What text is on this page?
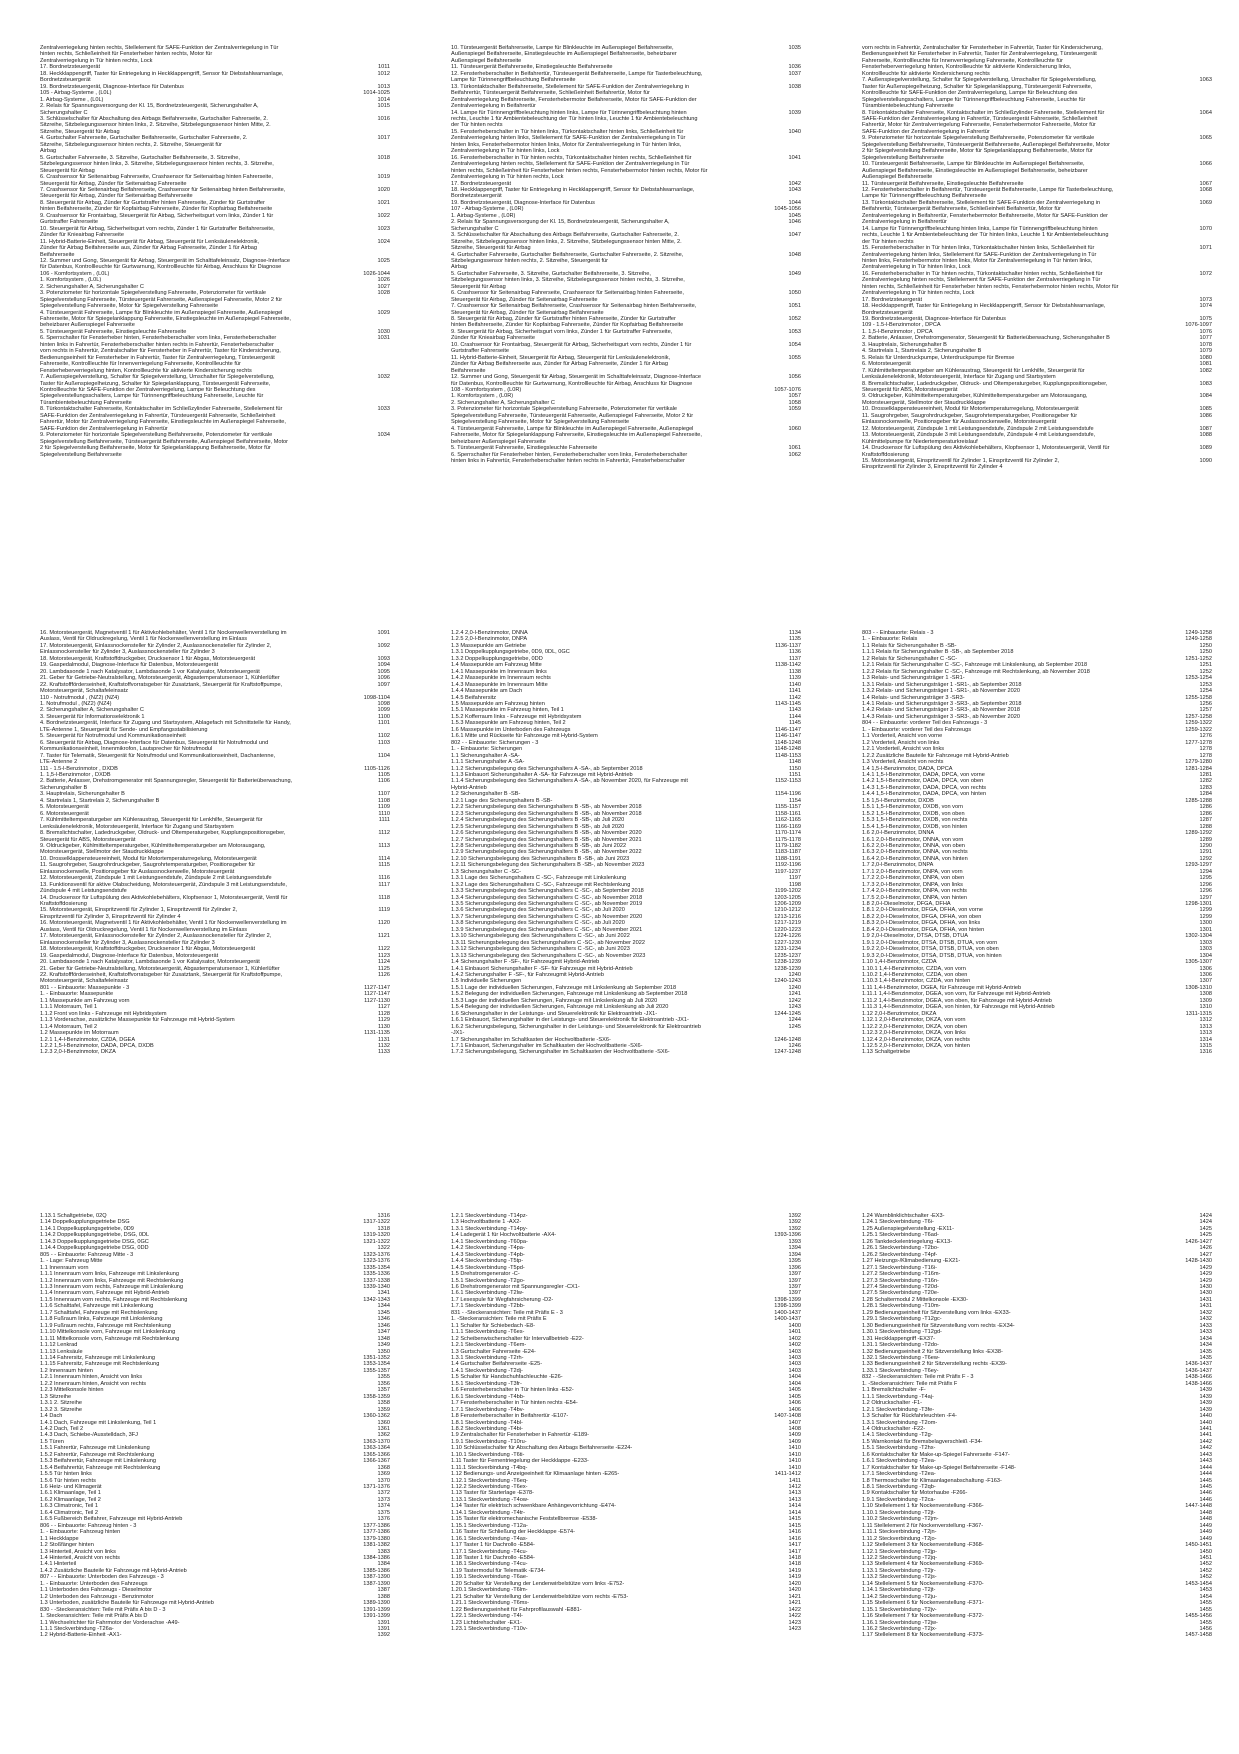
Zentralverriegelung hinten rechts, Stellelement für SAFE-Funktion der Zentralverriegelung in Tür
hinten rechts, Schließeinheit für Fensterheber hinten rechts, Motor für
Zentralverriegelung in Tür hinten rechts, Lock
17. Bordnetzsteuergerät	1011
18. Heckklappengriff, Taster für Entriegelung in Heckklappengriff, Sensor für Diebstahlwarnanlage,	1012
Bordnetzsteuergerät
19. Bordnetzsteuergerät, Diagnose-Interface für Datenbus	1013
105 - Airbag-Systeme , (L0L)	1014-1025
1. Airbag-Systeme , (L0L)	1014
2. Relais für Spannungsversorgung der Kl. 15, Bordnetzsteuergerät, Sicherungshalter A,	1015
Sicherungshalter C
3. Schlüsselschalter für Abschaltung des Airbags Beifahrerseite, Gurtschalter Fahrerseite, 2.	1016
Sitzreihe, Sitzbelegungssensor hinten links, 2. Sitzreihe, Sitzbelegungssensor hinten Mitte, 2.
Sitzreihe, Steuergerät für Airbag
4. Gurtschalter Fahrerseite, Gurtschalter Beifahrerseite, Gurtschalter Fahrerseite, 2.	1017
Sitzreihe, Sitzbelegungssensor hinten rechts, 2. Sitzreihe, Steuergerät für
Airbag
5. Gurtschalter Fahrerseite, 3. Sitzreihe, Gurtschalter Beifahrerseite, 3. Sitzreihe,	1018
Sitzbelegungssensor hinten links, 3. Sitzreihe, Sitzbelegungssensor hinten rechts, 3. Sitzreihe,
Steuergerät für Airbag
6. Crashsensor für Seitenairbag Fahrerseite, Crashsensor für Seitenairbag hinten Fahrerseite,	1019
Steuergerät für Airbag, Zünder für Seitenairbag Fahrerseite
7. Crashsensor für Seitenairbag Beifahrerseite, Crashsensor für Seitenairbag hinten Beifahrerseite,	1020
Steuergerät für Airbag, Zünder für Seitenairbag Beifahrerseite
8. Steuergerät für Airbag, Zünder für Gurtstraffer hinten Fahrerseite, Zünder für Gurtstraffer	1021
hinten Beifahrerseite, Zünder für Kopfairbag Fahrerseite, Zünder für Kopfairbag Beifahrerseite
9. Crashsensor für Frontairbag, Steuergerät für Airbag, Sicherheitsgurt vorn links, Zünder 1 für	1022
Gurtstraffer Fahrerseite
10. Steuergerät für Airbag, Sicherheitsgurt vorn rechts, Zünder 1 für Gurtstraffer Beifahrerseite,	1023
Zünder für Knieairbag Fahrerseite
11. Hybrid-Batterie-Einheit, Steuergerät für Airbag, Steuergerät für Lenksäulenelektronik,	1024
Zünder für Airbag Beifahrerseite aus, Zünder für Airbag Fahrerseite, Zünder 1 für Airbag
Beifahrerseite
12. Summer und Gong, Steuergerät für Airbag, Steuergerät im Schalttafeleinsatz, Diagnose-Interface	1025
für Datenbus, Kontrollleuchte für Gurtwarnung, Kontrollleuchte für Airbag, Anschluss für Diagnose
106 - Komfortsystem , (L0L)	1026-1044
1. Komfortsystem , (L0L)	1026
2. Sicherungshalter A, Sicherungshalter C	1027
3. Potenziometer für horizontale Spiegelverstellung Fahrerseite, Potenziometer für vertikale	1028
Spiegelverstellung Fahrerseite, Türsteuergerät Fahrerseite, Außenspiegel Fahrerseite, Motor 2 für
Spiegelverstellung Fahrerseite, Motor für Spiegelverstellung Fahrerseite
4. Türsteuergerät Fahrerseite, Lampe für Blinkleuchte im Außenspiegel Fahrerseite, Außenspiegel	1029
Fahrerseite, Motor für Spiegelanklappung Fahrerseite, Einstiegsleuchte im Außenspiegel Fahrerseite,
beheizbarer Außenspiegel Fahrerseite
5. Türsteuergerät Fahrerseite, Einstiegsleuchte Fahrerseite	1030
6. Sperrschalter für Fensterheber hinten, Fensterheberschalter vorn links, Fensterheberschalter	1031
hinten links in Fahrertür, Fensterheberschalter hinten rechts in Fahrertür, Fensterheberschalter
vorn rechts in Fahrertür, Zentralschalter für Fensterheber in Fahrertür, Taster für Kindersicherung,
Bedienungseinheit für Fensterheber in Fahrertür, Taster für Zentralverriegelung, Türsteuergerät
Fahrerseite, Kontrollleuchte für Innenverriegelung Fahrerseite, Kontrollleuchte für
Fensterheberverriegelung hinten, Kontrollleuchte für aktivierte Kindersicherung rechts
7. Außenspiegelverstellung, Schalter für Spiegelverstellung, Umschalter für Spiegelverstellung,	1032
Taster für Außenspiegelheizung, Schalter für Spiegelanklappung, Türsteuergerät Fahrerseite,
Kontrollleuchte für SAFE-Funktion der Zentralverriegelung, Lampe für Beleuchtung des
Spiegelverstellungsschalters, Lampe für Türinnengriffbeleuchtung Fahrerseite, Leuchte für
Türambientebeleuchtung Fahrerseite
8. Türkontaktschalter Fahrerseite, Kontaktschalter im Schließzylinder Fahrerseite, Stellelement für	1033
SAFE-Funktion der Zentralverriegelung in Fahrertür, Türsteuergerät Fahrerseite, Schließeinheit
Fahrertür, Motor für Zentralverriegelung Fahrerseite, Einstiegsleuchte im Außenspiegel Fahrerseite,
SAFE-Funktion der Zentralverriegelung in Fahrertür
9. Potenziometer für horizontale Spiegelverstellung Beifahrerseite, Potenziometer für vertikale	1034
Spiegelverstellung Beifahrerseite, Türsteuergerät Beifahrerseite, Außenspiegel Beifahrerseite, Motor
2 für Spiegelverstellung Beifahrerseite, Motor für Spiegelanklappung Beifahrerseite, Motor für
Spiegelverstellung Beifahrerseite
10. Türsteuergerät Beifahrerseite, Lampe für Blinkleuchte im Außenspiegel Beifahrerseite,	1035
Außenspiegel Beifahrerseite, Einstiegsleuchte im Außenspiegel Beifahrerseite, beheizbarer
Außenspiegel Beifahrerseite
11. Türsteuergerät Beifahrerseite, Einstiegsleuchte Beifahrerseite	1036
12. Fensterheberschalter in Beifahrertür, Türsteuergerät Beifahrerseite, Lampe für Tasterbeleuchtung,	1037
Lampe für Türinnengriffbeleuchtung Beifahrerseite
13. Türkontaktschalter Beifahrerseite, Stellelement für SAFE-Funktion der Zentralverriegelung in	1038
Beifahrertür, Türsteuergerät Beifahrerseite, Schließeinheit Beifahrertür, Motor für
Zentralverriegelung Beifahrerseite, Fensterhebermotor Beifahrerseite, Motor für SAFE-Funktion der
Zentralverriegelung in Beifahrertür
14. Lampe für Türinnengriffbeleuchtung hinten links, Lampe für Türinnengriffbeleuchtung hinten	1039
rechts, Leuchte 1 für Ambientebeleuchtung der Tür hinten links, Leuchte 1 für Ambientebeleuchtung
der Tür hinten rechts
15. Fensterheberschalter in Tür hinten links, Türkontaktschalter hinten links, Schließeinheit für	1040
Zentralverriegelung hinten links, Stellelement für SAFE-Funktion der Zentralverriegelung in Tür
hinten links, Fensterhebermotor hinten links, Motor für Zentralverriegelung in Tür hinten links,
Zentralverriegelung in Tür hinten links, Lock
16. Fensterheberschalter in Tür hinten rechts, Türkontaktschalter hinten rechts, Schließeinheit für	1041
Zentralverriegelung hinten rechts, Stellelement für SAFE-Funktion der Zentralverriegelung in Tür
hinten rechts, Schließeinheit für Fensterheber hinten rechts, Fensterhebermotor hinten rechts, Motor für
Zentralverriegelung in Tür hinten rechts, Lock
17. Bordnetzsteuergerät	1042
18. Heckklappengriff, Taster für Entriegelung in Heckklappengriff, Sensor für Diebstahlwarnanlage,	1043
Bordnetzsteuergerät
19. Bordnetzsteuergerät, Diagnose-Interface für Datenbus	1044
107 - Airbag-Systeme , (L0R)	1045-1056
1. Airbag-Systeme , (L0R)	1045
2. Relais für Spannungsversorgung der Kl. 15, Bordnetzsteuergerät, Sicherungshalter A,	1046
Sicherungshalter C
3. Schlüsselschalter für Abschaltung des Airbags Beifahrerseite, Gurtschalter Fahrerseite, 2.	1047
Sitzreihe, Sitzbelegungssensor hinten links, 2. Sitzreihe, Sitzbelegungssensor hinten Mitte, 2.
Sitzreihe, Steuergerät für Airbag
4. Gurtschalter Fahrerseite, Gurtschalter Beifahrerseite, Gurtschalter Fahrerseite, 2. Sitzreihe,	1048
Sitzbelegungssensor hinten rechts, 2. Sitzreihe, Steuergerät für
Airbag
5. Gurtschalter Fahrerseite, 3. Sitzreihe, Gurtschalter Beifahrerseite, 3. Sitzreihe,	1049
Sitzbelegungssensor hinten links, 3. Sitzreihe, Sitzbelegungssensor hinten rechts, 3. Sitzreihe,
Steuergerät für Airbag
6. Crashsensor für Seitenairbag Fahrerseite, Crashsensor für Seitenairbag hinten Fahrerseite,	1050
Steuergerät für Airbag, Zünder für Seitenairbag Fahrerseite
7. Crashsensor für Seitenairbag Beifahrerseite, Crashsensor für Seitenairbag hinten Beifahrerseite,	1051
Steuergerät für Airbag, Zünder für Seitenairbag Beifahrerseite
8. Steuergerät für Airbag, Zünder für Gurtstraffer hinten Fahrerseite, Zünder für Gurtstraffer	1052
hinten Beifahrerseite, Zünder für Kopfairbag Fahrerseite, Zünder für Kopfairbag Beifahrerseite
9. Steuergerät für Airbag, Sicherheitsgurt vorn links, Zünder 1 für Gurtstraffer Fahrerseite,	1053
Zünder für Knieairbag Fahrerseite
10. Crashsensor für Frontairbag, Steuergerät für Airbag, Sicherheitsgurt vorn rechts, Zünder 1 für	1054
Gurtstraffer Fahrerseite
11. Hybrid-Batterie-Einheit, Steuergerät für Airbag, Steuergerät für Lenksäulenelektronik,	1055
Zünder für Airbag Beifahrerseite aus, Zünder für Airbag Fahrerseite, Zünder 1 für Airbag
Beifahrerseite
12. Summer und Gong, Steuergerät für Airbag, Steuergerät im Schalttafeleinsatz, Diagnose-Interface	1056
für Datenbus, Kontrollleuchte für Gurtwarnung, Kontrollleuchte für Airbag, Anschluss für Diagnose
108 - Komfortsystem , (L0R)	1057-1076
1. Komfortsystem , (L0R)	1057
2. Sicherungshalter A, Sicherungshalter C	1058
3. Potenziometer für horizontale Spiegelverstellung Fahrerseite, Potenziometer für vertikale	1059
Spiegelverstellung Fahrerseite, Türsteuergerät Fahrerseite, Außenspiegel Fahrerseite, Motor 2 für
Spiegelverstellung Fahrerseite, Motor für Spiegelverstellung Fahrerseite
4. Türsteuergerät Fahrerseite, Lampe für Blinkleuchte im Außenspiegel Fahrerseite, Außenspiegel	1060
Fahrerseite, Motor für Spiegelanklappung Fahrerseite, Einstiegsleuchte im Außenspiegel Fahrerseite,
beheizbarer Außenspiegel Fahrerseite
5. Türsteuergerät Fahrerseite, Einstiegsleuchte Fahrerseite	1061
6. Sperrschalter für Fensterheber hinten, Fensterheberschalter vorn links, Fensterheberschalter	1062
hinten links in Fahrertür, Fensterheberschalter hinten rechts in Fahrertür, Fensterheberschalter
vorn rechts in Fahrertür, Zentralschalter für Fensterheber in Fahrertür, Taster für Kindersicherung,
Bedienungseinheit für Fensterheber in Fahrertür, Taster für Zentralverriegelung, Türsteuergerät
Fahrerseite, Kontrollleuchte für Innenverriegelung Fahrerseite, Kontrollleuchte für
Fensterheberverriegelung hinten, Kontrollleuchte für aktivierte Kindersicherung links,
Kontrollleuchte für aktivierte Kindersicherung rechts
7. Außenspiegelverstellung, Schalter für Spiegelverstellung, Umschalter für Spiegelverstellung,	1063
Taster für Außenspiegelheizung, Schalter für Spiegelanklappung, Türsteuergerät Fahrerseite,
Kontrollleuchte für SAFE-Funktion der Zentralverriegelung, Lampe für Beleuchtung des
Spiegelverstellungsschalters, Lampe für Türinnengriffbeleuchtung Fahrerseite, Leuchte für
Türambientebeleuchtung Fahrerseite
8. Türkontaktschalter Fahrerseite, Kontaktschalter im Schließzylinder Fahrerseite, Stellelement für	1064
SAFE-Funktion der Zentralverriegelung in Fahrertür, Türsteuergerät Fahrerseite, Schließeinheit
Fahrertür, Motor für Zentralverriegelung Fahrerseite, Fensterhebermotor Fahrerseite, Motor für
SAFE-Funktion der Zentralverriegelung in Fahrertür
9. Potenziometer für horizontale Spiegelverstellung Beifahrerseite, Potenziometer für vertikale	1065
Spiegelverstellung Beifahrerseite, Türsteuergerät Beifahrerseite, Außenspiegel Beifahrerseite, Motor
2 für Spiegelverstellung Beifahrerseite, Motor für Spiegelanklappung Beifahrerseite, Motor für
Spiegelverstellung Beifahrerseite
10. Türsteuergerät Beifahrerseite, Lampe für Blinkleuchte im Außenspiegel Beifahrerseite,	1066
Außenspiegel Beifahrerseite, Einstiegsleuchte im Außenspiegel Beifahrerseite, beheizbarer
Außenspiegel Beifahrerseite
11. Türsteuergerät Beifahrerseite, Einstiegsleuchte Beifahrerseite	1067
12. Fensterheberschalter in Beifahrertür, Türsteuergerät Beifahrerseite, Lampe für Tasterbeleuchtung,	1068
Lampe für Türinnengriffbeleuchtung Beifahrerseite
13. Türkontaktschalter Beifahrerseite, Stellelement für SAFE-Funktion der Zentralverriegelung in	1069
Beifahrertür, Türsteuergerät Beifahrerseite, Schließeinheit Beifahrertür, Motor für
Zentralverriegelung in Beifahrertür, Fensterhebermotor Beifahrerseite, Motor für SAFE-Funktion der
Zentralverriegelung in Beifahrertür
14. Lampe für Türinnengriffbeleuchtung hinten links, Lampe für Türinnengriffbeleuchtung hinten	1070
rechts, Leuchte 1 für Ambientebeleuchtung der Tür hinten links, Leuchte 1 für Ambientebeleuchtung
der Tür hinten rechts
15. Fensterheberschalter in Tür hinten links, Türkontaktschalter hinten links, Schließeinheit für	1071
Zentralverriegelung hinten links, Stellelement für SAFE-Funktion der Zentralverriegelung in Tür
hinten links, Fensterhebermotor hinten links, Motor für Zentralverriegelung in Tür hinten links,
Zentralverriegelung in Tür hinten links, Lock
16. Fensterheberschalter in Tür hinten rechts, Türkontaktschalter hinten rechts, Schließeinheit für	1072
Zentralverriegelung hinten rechts, Stellelement für SAFE-Funktion der Zentralverriegelung in Tür
hinten rechts, Schließeinheit für Fensterheber hinten rechts, Fensterhebermotor hinten rechts, Motor für
Zentralverriegelung in Tür hinten rechts, Lock
17. Bordnetzsteuergerät	1073
18. Heckklappengriff, Taster für Entriegelung in Heckklappengriff, Sensor für Diebstahlwarnanlage,	1074
Bordnetzsteuergerät
19. Bordnetzsteuergerät, Diagnose-Interface für Datenbus	1075
109 - 1.5-l-Benzinmotor , DPCA	1076-1097
1. 1,5-l-Benzinmotor , DPCA	1076
2. Batterie, Anlasser, Drehstromgenerator, Steuergerät für Batterieüberwachung, Sicherungshalter B	1077
3. Hauptrelais, Sicherungshalter B	1078
4. Startrelais 1, Startrelais 2, Sicherungshalter B	1079
5. Relais für Unterdruckpumpe, Unterdruckpumpe für Bremse	1080
6. Motorsteuergerät	1081
7. Kühlmitteltemperaturgeber am Kühleraustrag, Steuergerät für Lenkhilfe, Steuergerät für	1082
Lenksäulenelektronik, Motorsteuergerät, Interface für Zugang und Startsystem
8. Bremslichtschalter, Ladedruckgeber, Öldruck- und Öltemperaturgeber, Kupplungspositionsgeber,	1083
Steuergerät für ABS, Motorsteuergerät
9. Öldruckgeber, Kühlmitteltemperaturgeber, Kühlmitteltemperaturgeber am Motorausgang,	1084
Motorsteuergerät, Stellmotor der Staudruckklappe
10. Drosselklappensteuereinheit, Modul für Motortemperaturregelung, Motorsteuergerät	1085
11. Saugrohrgeber, Saugrohrdruckgeber, Saugrohrtemperaturgeber, Positionsgeber für	1086
Einlassnockenwelle, Positionsgeber für Auslassnockenwelle, Motorsteuergerät
12. Motorsteuergerät, Zündspule 1 mit Leistungsendstufe, Zündspule 2 mit Leistungsendstufe	1087
13. Motorsteuergerät, Zündspule 3 mit Leistungsendstufe, Zündspule 4 mit Leistungsendstufe,	1088
Kühlmittelpumpe für Niedertemperaturkreislauf
14. Drucksensor für Luftspülung des Aktivkohlebehälters, Klopfsensor 1, Motorsteuergerät, Ventil für	1089
Kraftstoffdosierung
15. Motorsteuergerät, Einspritzventil für Zylinder 1, Einspritzventil für Zylinder 2,	1090
Einspritzventil für Zylinder 3, Einspritzventil für Zylinder 4
16. Motorsteuergerät, Magnetventil 1 für Aktivkohlebehälter, Ventil 1 für Nockenwellenverstellung im	1091
Auslass, Ventil für Öldruckregelung, Ventil 1 für Nockenwellenverstellung im Einlass
17. Motorsteuergerät, Einlassnockensteller für Zylinder 2, Auslassnockensteller für Zylinder 2,	1092
Einlassnockensteller für Zylinder 3, Auslassnockensteller für Zylinder 3
18. Motorsteuergerät, Kraftstoffdruckgeber, Drucksensor 1 für Abgas, Motorsteuergerät	1093
19. Gaspedalmodul, Diagnose-Interface für Datenbus, Motorsteuergerät	1094
20. Lambdasonde 1 nach Katalysator, Lambdasonde 1 vor Katalysator, Motorsteuergerät	1095
21. Geber für Getriebe-Neutralstellung, Motorsteuergerät, Abgastemperatursensor 1, Kühlerlüfter	1096
22. Kraftstoffförderseinheit, Kraftstoffvorratsgeber für Zusatztank, Steuergerät für Kraftstoffpumpe,	1097
Motorsteuergerät, Schaltafeleinsatz
110 - Notrufmodul , (NZ2) (NZ4)	1098-1104
1. Notrufmodul , (NZ2) (NZ4)	1098
2. Sicherungshalter A, Sicherungshalter C	1099
3. Steuergerät für Informationselektronik 1	1100
4. Bordnetzsteuergerät, Interface für Zugang und Startsystem, Ablagefach mit Schnittstelle für Handy,	1101
LTE-Antenne 1, Steuergerät für Sende- und Empfangsstabilisierung
5. Steuergerät für Notrufmodul und Kommunikationseinheit	1102
6. Steuergerät für Airbag, Diagnose-Interface für Datenbus, Steuergerät für Notrufmodul und	1103
Kommunikationseinheit, Innenmikrofon, Lautsprecher für Notrufmodul
7. Taster für Telematik, Steuergerät für Notrufmodul und Kommunikationseinheit, Dachantenne,	1104
LTE-Antenne 2
111 - 1.5-l-Benzinmotor , DXDB	1105-1126
1. 1,5-l-Benzinmotor , DXDB	1105
2. Batterie, Anlasser, Drehstromgenerator mit Spannungsregler, Steuergerät für Batterieüberwachung,	1106
Sicherungshalter B
3. Hauptrelais, Sicherungshalter B	1107
4. Startrelais 1, Startrelais 2, Sicherungshalter B	1108
5. Motorsteuergerät	1109
6. Motorsteuergerät	1110
7. Kühlmitteltemperaturgeber am Kühleraustrag, Steuergerät für Lenkhilfe, Steuergerät für	1111
Lenksäulenelektronik, Motorsteuergerät, Interface für Zugang und Startsystem
8. Bremslichtschalter, Ladedruckgeber, Öldruck- und Öltemperaturgeber, Kupplungspositionsgeber,	1112
Steuergerät für ABS, Motorsteuergerät
9. Öldruckgeber, Kühlmitteltemperaturgeber, Kühlmitteltemperaturgeber am Motorausgang,	1113
Motorsteuergerät, Stellmotor der Staudruckklappe
10. Drosselklappensteuereinheit, Modul für Motortemperaturregelung, Motorsteuergerät	1114
11. Saugrohrgeber, Saugrohrdruckgeber, Saugrohrtemperaturgeber, Positionsgeber für	1115
Einlassnockenwelle, Positionsgeber für Auslassnockenwelle, Motorsteuergerät
12. Motorsteuergerät, Zündspule 1 mit Leistungsendstufe, Zündspule 2 mit Leistungsendstufe	1116
13. Funktionsventil für aktive Ölabscheidung, Motorsteuergerät, Zündspule 3 mit Leistungsendstufe,	1117
Zündspule 4 mit Leistungsendstufe
14. Drucksensor für Luftspülung des Aktivkohlebehälters, Klopfsensor 1, Motorsteuergerät, Ventil für	1118
Kraftstoffdosierung
15. Motorsteuergerät, Einspritzventil für Zylinder 1, Einspritzventil für Zylinder 2,	1119
Einspritzventil für Zylinder 3, Einspritzventil für Zylinder 4
16. Motorsteuergerät, Magnetventil 1 für Aktivkohlebehälter, Ventil 1 für Nockenwellenverstellung im	1120
Auslass, Ventil für Öldruckregelung, Ventil 1 für Nockenwellenverstellung im Einlass
17. Motorsteuergerät, Einlassnockensteller für Zylinder 2, Auslassnockensteller für Zylinder 2,	1121
Einlassnockensteller für Zylinder 3, Auslassnockensteller für Zylinder 3
18. Motorsteuergerät, Kraftstoffdruckgeber, Drucksensor 1 für Abgas, Motorsteuergerät	1122
19. Gaspedalmodul, Diagnose-Interface für Datenbus, Motorsteuergerät	1123
20. Lambdasonde 1 nach Katalysator, Lambdasonde 1 vor Katalysator, Motorsteuergerät	1124
21. Geber für Getriebe-Neutralstellung, Motorsteuergerät, Abgastemperatursensor 1, Kühlerlüfter	1125
22. Kraftstoffförderseinheit, Kraftstoffvorratsgeber für Zusatztank, Steuergerät für Kraftstoffpumpe,	1126
Motorsteuergerät, Schaltafeleinsatz
801 - - Einbauorte: Massepunkte - 3	1127-1147
1. - Einbauorte: Massepunkte	1127-1147
1.1 Massepunkte am Fahrzeug vorn	1127-1130
1.1.1 Motorraum, Teil 1	1127
1.1.2 Front von links - Fahrzeuge mit Hybridsystem	1128
1.1.3 Vorderachse, zusätzliche Massepunkte für Fahrzeuge mit Hybrid-System	1129
1.1.4 Motorraum, Teil 2	1130
1.2 Massepunkte im Motorraum	1131-1135
1.2.1 1,4-l-Benzinmotor, CZDA, DGEA	1131
1.2.2 1,5-l-Benzinmotor, DADA, DPCA, DXDB	1132
1.2.3 2,0-l-Benzinmotor, DKZA	1133
1.2.4 2,0-l-Benzinmotor, DNNA	1134
1.2.5 2,0-l-Benzinmotor, DNPA	1135
1.3 Massepunkte am Getriebe	1136-1137
1.3.1 Doppelkupplungsgetriebe, 0D9, 0DL, 0GC	1136
1.3.2 Doppelkupplungsgetriebe, 0DD	1137
1.4 Massepunkte am Fahrzeug Mitte	1138-1142
1.4.1 Massepunkte im Innenraum links	1138
1.4.2 Massepunkte im Innenraum rechts	1139
1.4.3 Massepunkte im Innenraum Mitte	1140
1.4.4 Massepunkte am Dach	1141
1.4.5 Beifahrersitz	1142
1.5 Massepunkte am Fahrzeug hinten	1143-1145
1.5.1 Massepunkte im Fahrzeug hinten, Teil 1	1143
1.5.2 Kofferraum links - Fahrzeuge mit Hybridsystem	1144
1.5.3 Massepunkte am Fahrzeug hinten, Teil 2	1145
1.6 Massepunkte im Unterboden des Fahrzeugs	1146-1147
1.6.1 Mitte und Rückseite für Fahrzeuge mit Hybrid-System	1146-1147
802 - - Einbauorte: Sicherungen - 3	1148-1248
1. - Einbauorte: Sicherungen	1148-1248
1.1 Sicherungshalter A -SA-	1148-1153
1.1.1 Sicherungshalter A -SA-	1148
1.1.2 Sicherungsbelegung des Sicherungshalters A -SA-, ab September 2018	1150
1.1.3 Einbauort Sicherungshalter A -SA- für Fahrzeuge mit Hybrid-Antrieb	1151
1.1.4 Sicherungsbelegung des Sicherungshalters A -SA-, ab November 2020, für Fahrzeuge mit	1152-1153
Hybrid-Antrieb
1.2 Sicherungshalter B -SB-	1154-1196
1.2.1 Lage des Sicherungshalters B -SB-	1154
1.2.2 Sicherungsbelegung des Sicherungshalters B -SB-, ab November 2018	1155-1157
1.2.3 Sicherungsbelegung des Sicherungshalters B -SB-, ab November 2018	1158-1161
1.2.4 Sicherungsbelegung des Sicherungshalters B -SB-, ab Juli 2020	1162-1165
1.2.5 Sicherungsbelegung des Sicherungshalters B -SB-, ab Juli 2020	1166-1169
1.2.6 Sicherungsbelegung des Sicherungshalters B -SB-, ab November 2020	1170-1174
1.2.7 Sicherungsbelegung des Sicherungshalters B -SB-, ab November 2021	1175-1178
1.2.8 Sicherungsbelegung des Sicherungshalters B -SB-, ab Juni 2022	1179-1182
1.2.9 Sicherungsbelegung des Sicherungshalters B -SB-, ab November 2022	1183-1187
1.2.10 Sicherungsbelegung des Sicherungshalters B -SB-, ab Juni 2023	1188-1191
1.2.11 Sicherungsbelegung des Sicherungshalters B -SB-, ab November 2023	1192-1196
1.3 Sicherungshalter C -SC-	1197-1237
1.3.1 Lage des Sicherungshalters C -SC-, Fahrzeuge mit Linkslenkung	1197
1.3.2 Lage des Sicherungshalters C -SC-, Fahrzeuge mit Rechtslenkung	1198
1.3.3 Sicherungsbelegung des Sicherungshalters C -SC-, ab September 2018	1199-1202
1.3.4 Sicherungsbelegung des Sicherungshalters C -SC-, ab November 2018	1203-1205
1.3.5 Sicherungsbelegung des Sicherungshalters C -SC-, ab November 2019	1206-1209
1.3.6 Sicherungsbelegung des Sicherungshalters C -SC-, ab Juli 2020	1210-1212
1.3.7 Sicherungsbelegung des Sicherungshalters C -SC-, ab November 2020	1213-1216
1.3.8 Sicherungsbelegung des Sicherungshalters C -SC-, ab Juli 2020	1217-1219
1.3.9 Sicherungsbelegung des Sicherungshalters C -SC-, ab November 2021	1220-1223
1.3.10 Sicherungsbelegung des Sicherungshalters C -SC-, ab Juni 2022	1224-1226
1.3.11 Sicherungsbelegung des Sicherungshalters C -SC-, ab November 2022	1227-1230
1.3.12 Sicherungsbelegung des Sicherungshalters C -SC-, ab Juni 2023	1231-1234
1.3.13 Sicherungsbelegung des Sicherungshalters C -SC-, ab November 2023	1235-1237
1.4 Sicherungshalter F -SF-, für Fahrzeugmit Hybrid-Antrieb	1238-1239
1.4.1 Einbauort Sicherungshalter F -SF- für Fahrzeuge mit Hybrid-Antrieb	1238-1239
1.4.2 Sicherungshalter F -SF-, für Fahrzeugmit Hybrid-Antrieb	1240
1.5 Individuelle Sicherungen	1240-1243
1.5.1 Lage der individuellen Sicherungen, Fahrzeuge mit Linkslenkung ab September 2018	1240
1.5.2 Belegung der individuellen Sicherungen, Fahrzeuge mit Linkslenkung ab September 2018	1241
1.5.3 Lage der individuellen Sicherungen, Fahrzeuge mit Linkslenkung ab Juli 2020	1242
1.5.4 Belegung der individuellen Sicherungen, Fahrzeuge mit Linkslenkung ab Juli 2020	1243
1.6 Sicherungshalter in der Leistungs- und Steuerelektronik für Elektroantrieb -JX1-	1244-1245
1.6.1 Einbauort, Sicherungshalter in der Leistungs- und Steuerelektronik für Elektroantrieb -JX1-	1244
1.6.2 Sicherungsbelegung, Sicherungshalter in der Leistungs- und Steuerelektronik für Elektroantrieb	1245
-JX1-
1.7 Sicherungshalter im Schaltkasten der Hochvoltbatterie -SX6-	1246-1248
1.7.1 Einbauort, Sicherungshalter im Schaltkasten der Hochvoltbatterie -SX6-	1246
1.7.2 Sicherungsbelegung, Sicherungshalter im Schaltkasten der Hochvoltbatterie -SX6-	1247-1248
803 - - Einbauorte: Relais - 3	1249-1258
1. - Einbauorte: Relais	1249-1258
1.1 Relais für Sicherungshalter B -SB-	1250
1.1.1 Relais für Sicherungshalter B -SB-, ab September 2018	1250
1.2 Relais für Sicherungshalter C -SC-	1251-1252
1.2.1 Relais für Sicherungshalter C -SC-, Fahrzeuge mit Linkslenkung, ab September 2018	1251
1.2.2 Relais für Sicherungshalter C -SC-, Fahrzeuge mit Rechtslenkung, ab November 2018	1252
1.3 Relais- und Sicherungsträger 1 -SR1-	1253-1254
1.3.1 Relais- und Sicherungsträger 1 -SR1-, ab September 2018	1253
1.3.2 Relais- und Sicherungsträger 1 -SR1-, ab November 2020	1254
1.4 Relais- und Sicherungsträger 3 -SR3-	1255-1258
1.4.1 Relais- und Sicherungsträger 3 -SR3-, ab September 2018	1256
1.4.2 Relais- und Sicherungsträger 3 -SR3-, ab November 2018	1257
1.4.3 Relais- und Sicherungsträger 3 -SR3-, ab November 2020	1257-1258
804 - - Einbauorte: vorderer Teil des Fahrzeugs - 3	1259-1322
1. - Einbauorte: vorderer Teil des Fahrzeugs	1259-1322
1.1 Vorderteil, Ansicht von vorne	1276
1.2 Vorderteil, Ansicht von links	1277-1278
1.2.1 Vorderteil, Ansicht von links	1278
1.2.2 Zusätzliche Bauteile für Fahrzeuge mit Hybrid-Antrieb	1278
1.3 Vorderteil, Ansicht von rechts	1279-1280
1.4 1,5-l-Benzinmotor, DADA, DPCA	1281-1284
1.4.1 1,5-l-Benzinmotor, DADA, DPCA, von vorne	1281
1.4.2 1,5-l-Benzinmotor, DADA, DPCA, von oben	1282
1.4.3 1,5-l-Benzinmotor, DADA, DPCA, von rechts	1283
1.4.4 1,5-l-Benzinmotor, DADA, DPCA, von hinten	1284
1.5 1,5-l-Benzinmotor, DXDB	1285-1288
1.5.1 1,5-l-Benzinmotor, DXDB, von vorn	1286
1.5.2 1,5-l-Benzinmotor, DXDB, von oben	1286
1.5.3 1,5-l-Benzinmotor, DXDB, von rechts	1287
1.5.4 1,5-l-Benzinmotor, DXDB, von hinten	1288
1.6 2,0-l-Benzinmotor, DNNA	1289-1292
1.6.1 2,0-l-Benzinmotor, DNNA, von vorn	1289
1.6.2 2,0-l-Benzinmotor, DNNA, von oben	1290
1.6.3 2,0-l-Benzinmotor, DNNA, von rechts	1291
1.6.4 2,0-l-Benzinmotor, DNNA, von hinten	1292
1.7 2,0-l-Benzinmotor, DNPA	1293-1297
1.7.1 2,0-l-Benzinmotor, DNPA, von vorn	1294
1.7.2 2,0-l-Benzinmotor, DNPA, von oben	1295
1.7.3 2,0-l-Benzinmotor, DNPA, von links	1296
1.7.4 2,0-l-Benzinmotor, DNPA, von rechts	1296
1.7.5 2,0-l-Benzinmotor, DNPA, von hinten	1297
1.8 2,0-l-Dieselmotor, DFGA, DFHA	1298-1301
1.8.1 2,0-l-Dieselmotor, DFGA, DFHA, von vorne	1299
1.8.2 2,0-l-Dieselmotor, DFGA, DFHA, von oben	1299
1.8.3 2,0-l-Dieselmotor, DFGA, DFHA, von links	1300
1.8.4 2,0-l-Dieselmotor, DFGA, DFHA, von hinten	1301
1.9 2,0-l-Dieselmotor, DTSA, DTSB, DTUA	1302-1304
1.9.1 2,0-l-Dieselmotor, DTSA, DTSB, DTUA, von vorn	1303
1.9.2 2,0-l-Dieselmotor, DTSA, DTSB, DTUA, von oben	1303
1.9.3 2,0-l-Dieselmotor, DTSA, DTSB, DTUA, von hinten	1304
1.10 1,4-l-Benzinmotor, CZDA	1305-1307
1.10.1 1,4-l-Benzinmotor, CZDA, von vorn	1306
1.10.2 1,4-l-Benzinmotor, CZDA, von oben	1306
1.10.3 1,4-l-Benzinmotor, CZDA, von hinten	1307
1.11 1,4-l-Benzinmotor, DGEA, für Fahrzeuge mit Hybrid-Antrieb	1308-1310
1.11.1 1,4-l-Benzinmotor, DGEA, von vorn, für Fahrzeuge mit Hybrid-Antrieb	1308
1.11.2 1,4-l-Benzinmotor, DGEA, von oben, für Fahrzeuge mit Hybrid-Antrieb	1309
1.11.3 1,4-l-Benzinmotor, DGEA, von hinten, für Fahrzeuge mit Hybrid-Antrieb	1310
1.12 2,0-l-Benzinmotor, DKZA	1311-1315
1.12.1 2,0-l-Benzinmotor, DKZA, von vorn	1312
1.12.2 2,0-l-Benzinmotor, DKZA, von oben	1313
1.12.3 2,0-l-Benzinmotor, DKZA, von links	1313
1.12.4 2,0-l-Benzinmotor, DKZA, von rechts	1314
1.12.5 2,0-l-Benzinmotor, DKZA, von hinten	1315
1.13 Schaltgetriebe	1316
1.13.1 Schaltgetriebe, 02Q	1316
1.14 Doppelkupplungsgetriebe DSG	1317-1322
1.14.1 Doppelkupplungsgetriebe, 0D9	1318
1.14.2 Doppelkupplungsgetriebe, DSG, 0DL	1319-1320
1.14.3 Doppelkupplungsgetriebe DSG, 0GC	1321-1322
1.14.4 Doppelkupplungsgetriebe DSG, 0DD	1322
805 - - Einbauorte: Fahrzeug Mitte - 3	1323-1376
1. - Lage: Fahrzeug Mitte	1323-1376
1.1 Innenraum vorn	1335-1354
1.1.1 Innenraum vorn links, Fahrzeuge mit Linkslenkung	1335-1336
1.1.2 Innenraum vorn links, Fahrzeuge mit Rechtslenkung	1337-1338
1.1.3 Innenraum vorn rechts, Fahrzeuge mit Linkslenkung	1339-1340
1.1.4 Innenraum vorn, Fahrzeuge mit Hybrid-Antrieb	1341
1.1.5 Innenraum vorn rechts, Fahrzeuge mit Rechtslenkung	1342-1343
1.1.6 Schalttafel, Fahrzeuge mit Linkslenkung	1344
1.1.7 Schalttafel, Fahrzeuge mit Rechtslenkung	1345
1.1.8 Fußraum links, Fahrzeuge mit Linkslenkung	1346
1.1.9 Fußraum rechts, Fahrzeuge mit Rechtslenkung	1346
1.1.10 Mittelkonsole vorn, Fahrzeuge mit Linkslenkung	1347
1.1.11 Mittelkonsole vorn, Fahrzeuge mit Rechtslenkung	1348
1.1.12 Lenkrad	1349
1.1.13 Lenksäule	1350
1.1.14 Fahrersitz, Fahrzeuge mit Linkslenkung	1351-1352
1.1.15 Fahrersitz, Fahrzeuge mit Rechtslenkung	1353-1354
1.2 Innenraum hinten	1355-1357
1.2.1 Innenraum hinten, Ansicht von links	1355
1.2.2 Innenraum hinten, Ansicht von rechts	1356
1.2.3 Mittelkonsole hinten	1357
1.3 Sitzreihe	1358-1359
1.3.1 2. Sitzreihe	1358
1.3.2 3. Sitzreihe	1359
1.4 Dach	1360-1362
1.4.1 Dach, Fahrzeuge mit Linkslenkung, Teil 1	1360
1.4.2 Dach, Teil 2	1361
1.4.3 Dach, Schiebe-/Ausstelldach, 3FJ	1362
1.5 Türen	1363-1370
1.5.1 Fahrertür, Fahrzeuge mit Linkslenkung	1363-1364
1.5.2 Fahrertür, Fahrzeuge mit Rechtslenkung	1365-1366
1.5.3 Beifahrertür, Fahrzeuge mit Linkslenkung	1366-1367
1.5.4 Beifahrertür, Fahrzeuge mit Rechtslenkung	1368
1.5.5 Tür hinten links	1369
1.5.6 Tür hinten rechts	1370
1.6 Heiz- und Klimagerät	1371-1376
1.6.1 Klimaanlage, Teil 1	1372
1.6.2 Klimaanlage, Teil 2	1373
1.6.3 Climatronic, Teil 1	1374
1.6.4 Climatronic, Teil 2	1375
1.6.5 Fußbereich Beifahrer, Fahrzeuge mit Hybrid-Antrieb	1376
806 - - Einbauorte: Fahrzeug hinten - 3	1377-1386
1. - Einbauorte: Fahrzeug hinten	1377-1386
1.1 Heckklappe	1379-1380
1.2 Stoßfänger hinten	1381-1382
1.3 Hinterteil, Ansicht von links	1383
1.4 Hinterteil, Ansicht von rechts	1384-1386
1.4.1 Hinterteil	1384
1.4.2 Zusätzliche Bauteile für Fahrzeuge mit Hybrid-Antrieb	1385-1386
807 - - Einbauorte: Unterboden des Fahrzeugs - 3	1387-1390
1. - Einbauorte: Unterboden des Fahrzeugs	1387-1390
1.1 Unterboden des Fahrzeugs - Dieselmotor	1387
1.2 Unterboden des Fahrzeugs - Benzinmotor	1388
1.3 Unterboden, zusätzliche Bauteile für Fahrzeuge mit Hybrid-Antrieb	1389-1390
830 - -Steckeransichten: Teile mit Präfix A bis D - 3	1391-1399
1. Steckeransichten: Teile mit Präfix A bis D	1391-1399
1.1 Wechselrichter für Fahrmotor der Vorderachse -A49-	1391
1.1.1 Steckverbindung -T26a-	1391
1.2 Hybrid-Batterie-Einheit -AX1-	1392
1.2.1 Steckverbindung -T14pz-	1392
1.3 Hochvoltbatterie 1 -AX2-	1392
1.3.1 Steckverbindung -T14py-	1392
1.4 Ladegerät 1 für Hochvoltbatterie -AX4-	1393-1396
1.4.1 Steckverbindung -T60pa-	1393
1.4.2 Steckverbindung -T4pa-	1394
1.4.3 Steckverbindung -T4pb-	1394
1.4.4 Steckverbindung -T5tp-	1395
1.4.5 Steckverbindung -T5pd-	1396
1.5 Drehstromgenerator -C-	1397
1.5.1 Steckverbindung -T2go-	1397
1.6 Drehstromgenerator mit Spannungsregler -CX1-	1397
1.6.1 Steckverbindung -T2lw-	1397
1.7 Lesespule für Wegfahrsicherung -D2-	1398-1399
1.7.1 Steckverbindung -T2bb-	1398-1399
831 - -Steckeransichten: Teile mit Präfix E - 3	1400-1437
1. -Steckeransichten: Teile mit Präfix E	1400-1437
1.1 Schalter für Schiebedach -E8-	1400
1.1.1 Steckverbindung -T6es-	1401
1.2 Scheibenwischerschalter für Intervallbetrieb -E22-	1402
1.2.1 Steckverbindung -T6em-	1402
1.3 Gurtschalter Fahrerseite -E24-	1403
1.3.1 Steckverbindung -T2rh-	1403
1.4 Gurtschalter Beifahrerseite -E25-	1403
1.4.1 Steckverbindung -T2dj-	1403
1.5 Schalter für Handschuhfachleuchte -E26-	1404
1.5.1 Steckverbindung -T3fr-	1404
1.6 Fensterheberschalter in Tür hinten links -E52-	1405
1.6.1 Steckverbindung -T4bb-	1405
1.7 Fensterheberschalter in Tür hinten rechts -E54-	1406
1.7.1 Steckverbindung -T4bv-	1406
1.8 Fensterheberschalter in Beifahrertür -E107-	1407-1408
1.8.1 Steckverbindung -T4bl-	1407
1.8.2 Steckverbindung -T4bi-	1408
1.9 Zentralschalter für Fensterheber in Fahrertür -E189-	1409
1.9.1 Steckverbindung -T10ru-	1409
1.10 Schlüsselschalter für Abschaltung des Airbags Beifahrerseite -E224-	1410
1.10.1 Steckverbindung -T6ti-	1410
1.11 Taster für Fernentriegelung der Heckklappe -E233-	1410
1.11.1 Steckverbindung -T4bq-	1410
1.12 Bedienungs- und Anzeigeeinheit für Klimaanlage hinten -E265-	1411-1412
1.12.1 Steckverbindung -T6eq-	1411
1.12.2 Steckverbindung -T6ex-	1412
1.13 Taster für Starterlage -E378-	1413
1.13.1 Steckverbindung -T4ow-	1413
1.14 Taster für elektrisch schwenkbare Anhängevorrichtung -E474-	1414
1.14.1 Steckverbindung -T4tr-	1414
1.15 Taster für elektromechanische Feststellbremse -E538-	1415
1.15.1 Steckverbindung -T12a-	1415
1.16 Taster für Schließung der Heckklappe -E574-	1416
1.16.1 Steckverbindung -T4as-	1416
1.17 Taster 1 für Dachrollo -E584-	1417
1.17.1 Steckverbindung -T4cu-	1417
1.18 Taster 1 für Dachrollo -E584-	1418
1.18.1 Steckverbindung -T4cu-	1418
1.19 Tastermodul für Telematik -E734-	1419
1.19.1 Steckverbindung -T6ae-	1419
1.20 Schalter für Verstellung der Lendenwirbelstütze vorn links -E752-	1420
1.20.1 Steckverbindung -T6lm-	1420
1.21 Schalter für Verstellung der Lendenwirbelstütze vorn rechts -E753-	1421
1.21.1 Steckverbindung -T6ms-	1421
1.22 Bedienungseinheit für Fahrprofilauswahl -E881-	1422
1.22.1 Steckverbindung -T4l-	1422
1.23 Lichtdrehschalter -EX1-	1423
1.23.1 Steckverbindung -T10v-	1423
1.24 Warnblinklichtschalter -EX3-	1424
1.24.1 Steckverbindung -T6i-	1424
1.25 Außenspiegelverstellung -EX11-	1425
1.25.1 Steckverbindung -T6ad-	1425
1.26 Tankdeckelentriegelung -EX13-	1426-1427
1.26.1 Steckverbindung -T2bo-	1426
1.26.2 Steckverbindung -T4pf-	1427
1.27 Heizungs-/Klimabedienung -EX21-	1428-1430
1.27.1 Steckverbindung -T16i-	1429
1.27.2 Steckverbindung -T16m-	1429
1.27.3 Steckverbindung -T16n-	1429
1.27.4 Steckverbindung -T20d-	1430
1.27.5 Steckverbindung -T20e-	1430
1.28 Schaltermodul 2 Mittelkonsole -EX30-	1431
1.28.1 Steckverbindung -T10m-	1431
1.29 Bedienungseinheit für Sitzverstellung vorn links -EX33-	1432
1.29.1 Steckverbindung -T12gc-	1432
1.30 Bedienungseinheit für Sitzverstellung vorn rechts -EX34-	1433
1.30.1 Steckverbindung -T12gd-	1433
1.31 Heckklappengriff -EX37-	1434
1.31.1 Steckverbindung -T2do-	1434
1.32 Bedienungseinheit 2 für Sitzverstellung links -EX38-	1435
1.32.1 Steckverbindung -T6ew-	1435
1.33 Bedienungseinheit 2 für Sitzverstellung rechts -EX39-	1436-1437
1.33.1 Steckverbindung -T6ey-	1436-1437
832 - -Steckeransichten: Teile mit Präfix F - 3	1438-1466
1. -Steckeransichten: Teile mit Präfix F	1438-1466
1.1 Bremslichtschalter -F-	1439
1.1.1 Steckverbindung -T4aj-	1439
1.2 Öldruckschalter -F1-	1439
1.2.1 Steckverbindung -T3fe-	1439
1.3 Schalter für Rückfahrleuchten -F4-	1440
1.3.1 Steckverbindung -T2om-	1440
1.4 Öldruckschalter -F22-	1441
1.4.1 Steckverbindung -T2g-	1441
1.5 Warnkontakt für Bremsbelagverschleiß -F34-	1442
1.5.1 Steckverbindung -T2hx-	1442
1.6 Kontaktschalter für Make-up-Spiegel Fahrerseite -F147-	1443
1.6.1 Steckverbindung -T2ea-	1443
1.7 Kontaktschalter für Make-up-Spiegel Beifahrerseite -F148-	1444
1.7.1 Steckverbindung -T2ea-	1444
1.8 Thermoschalter für Klimaanlagenabschaltung -F163-	1445
1.8.1 Steckverbindung -T2qb-	1445
1.9 Kontaktschalter für Motorhaube -F266-	1446
1.9.1 Steckverbindung -T2ca-	1446
1.10 Stellelement 1 für Nockenverstellung -F366-	1447-1448
1.10.1 Steckverbindung -T2jt-	1448
1.10.2 Steckverbindung -T2jm-	1448
1.11 Stellelement 2 für Nockenverstellung -F367-	1449
1.11.1 Steckverbindung -T2jn-	1449
1.11.2 Steckverbindung -T2jo-	1449
1.12 Stellelement 3 für Nockenverstellung -F368-	1450-1451
1.12.1 Steckverbindung -T2jp-	1450
1.12.2 Steckverbindung -T2jq-	1451
1.13 Stellelement 4 für Nockenverstellung -F369-	1452
1.13.1 Steckverbindung -T2jr-	1452
1.13.2 Steckverbindung -T2js-	1452
1.14 Stellelement 5 für Nockenverstellung -F370-	1453-1454
1.14.1 Steckverbindung -T2jt-	1453
1.14.2 Steckverbindung -T2ju-	1454
1.15 Stellelement 6 für Nockenverstellung -F371-	1455
1.15.1 Steckverbindung -T2jv-	1455
1.16 Stellelement 7 für Nockenverstellung -F372-	1455-1456
1.16.1 Steckverbindung -T2jw-	1455
1.16.2 Steckverbindung -T2jx-	1456
1.17 Stellelement 8 für Nockenverstellung -F373-	1457-1458
